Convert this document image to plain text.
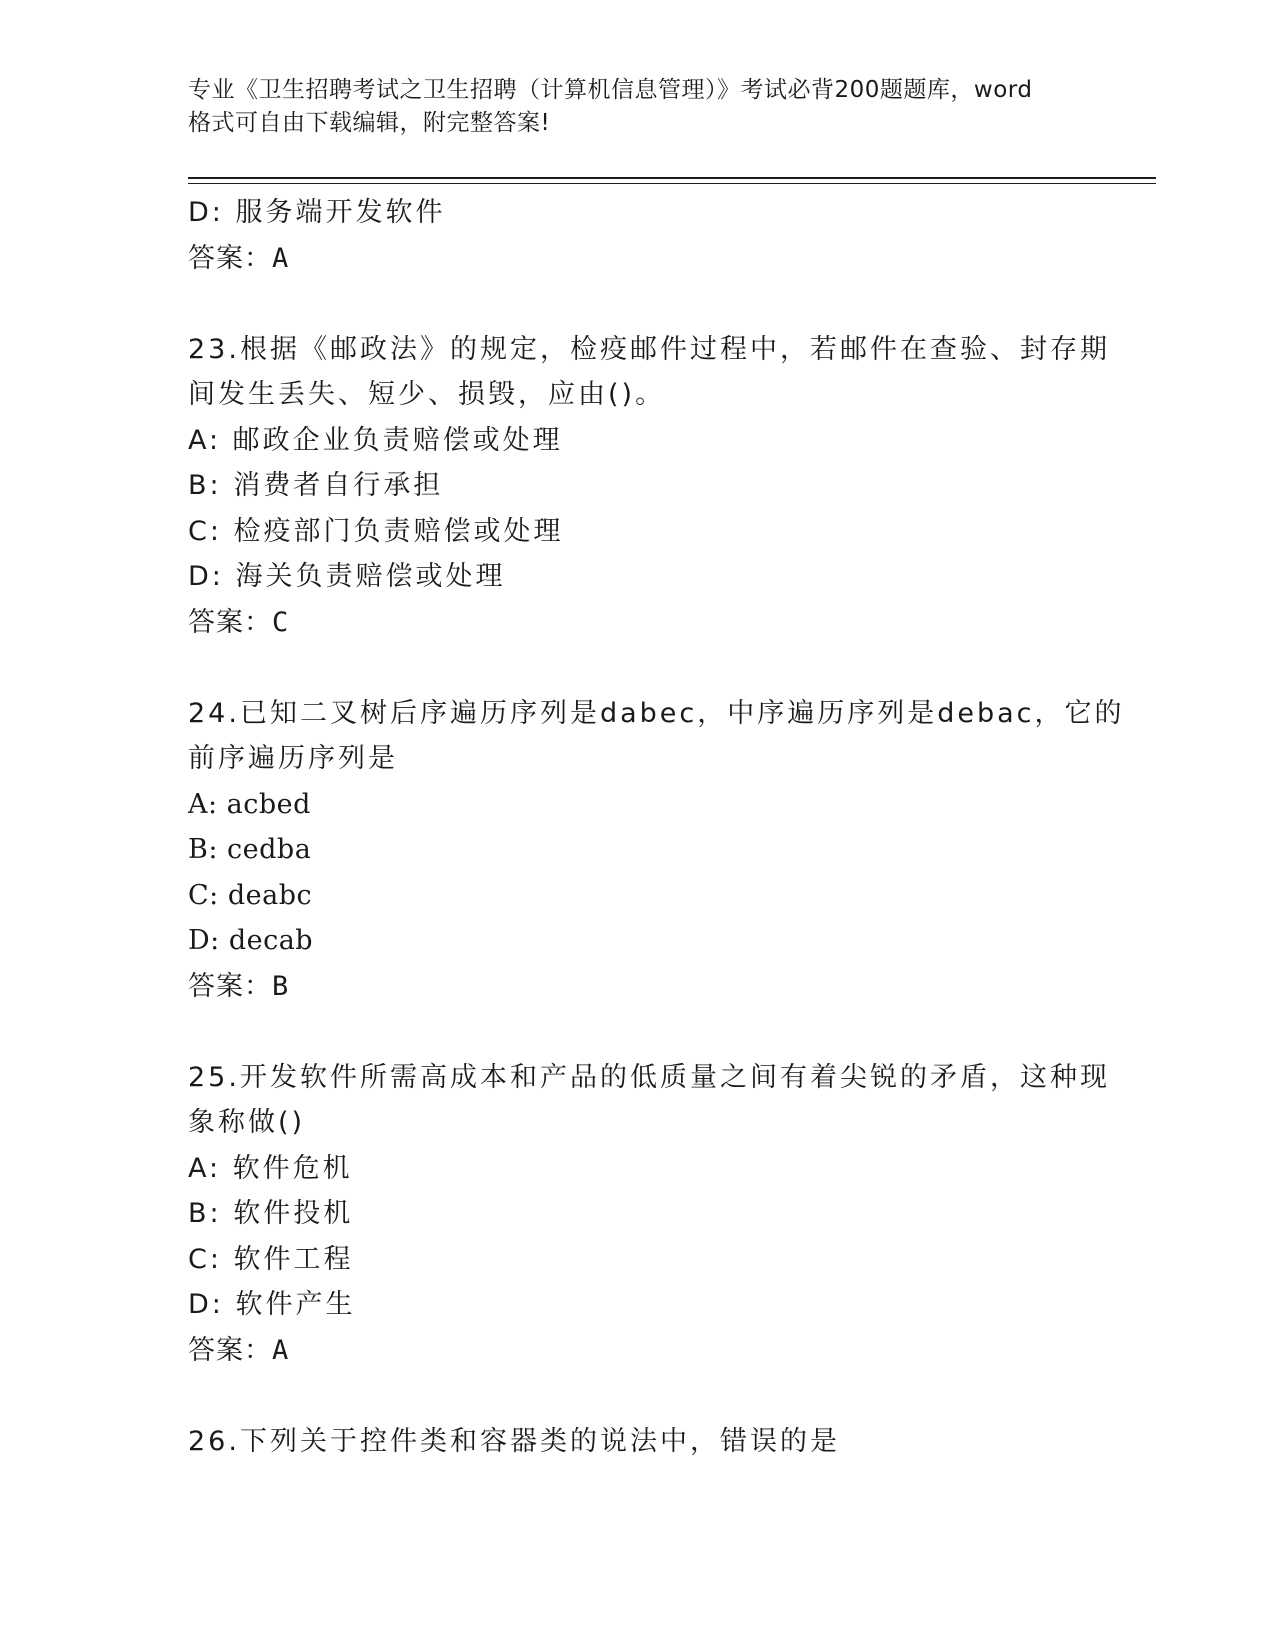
专业《卫生招聘考试之卫生招聘（计算机信息管理）》考试必背200题题库，word
格式可自由下载编辑，附完整答案!
D: 服务端开发软件
答案：A
23.根据《邮政法》的规定，检疫邮件过程中，若邮件在查验、封存期
间发生丢失、短少、损毁，应由()。
A: 邮政企业负责赔偿或处理
B: 消费者自行承担
C: 检疫部门负责赔偿或处理
D: 海关负责赔偿或处理
答案：C
24.已知二叉树后序遍历序列是dabec，中序遍历序列是debac，它的
前序遍历序列是
A: acbed
B: cedba
C: deabc
D: decab
答案：B
25.开发软件所需高成本和产品的低质量之间有着尖锐的矛盾，这种现
象称做()
A: 软件危机
B: 软件投机
C: 软件工程
D: 软件产生
答案：A
26.下列关于控件类和容器类的说法中，错误的是
